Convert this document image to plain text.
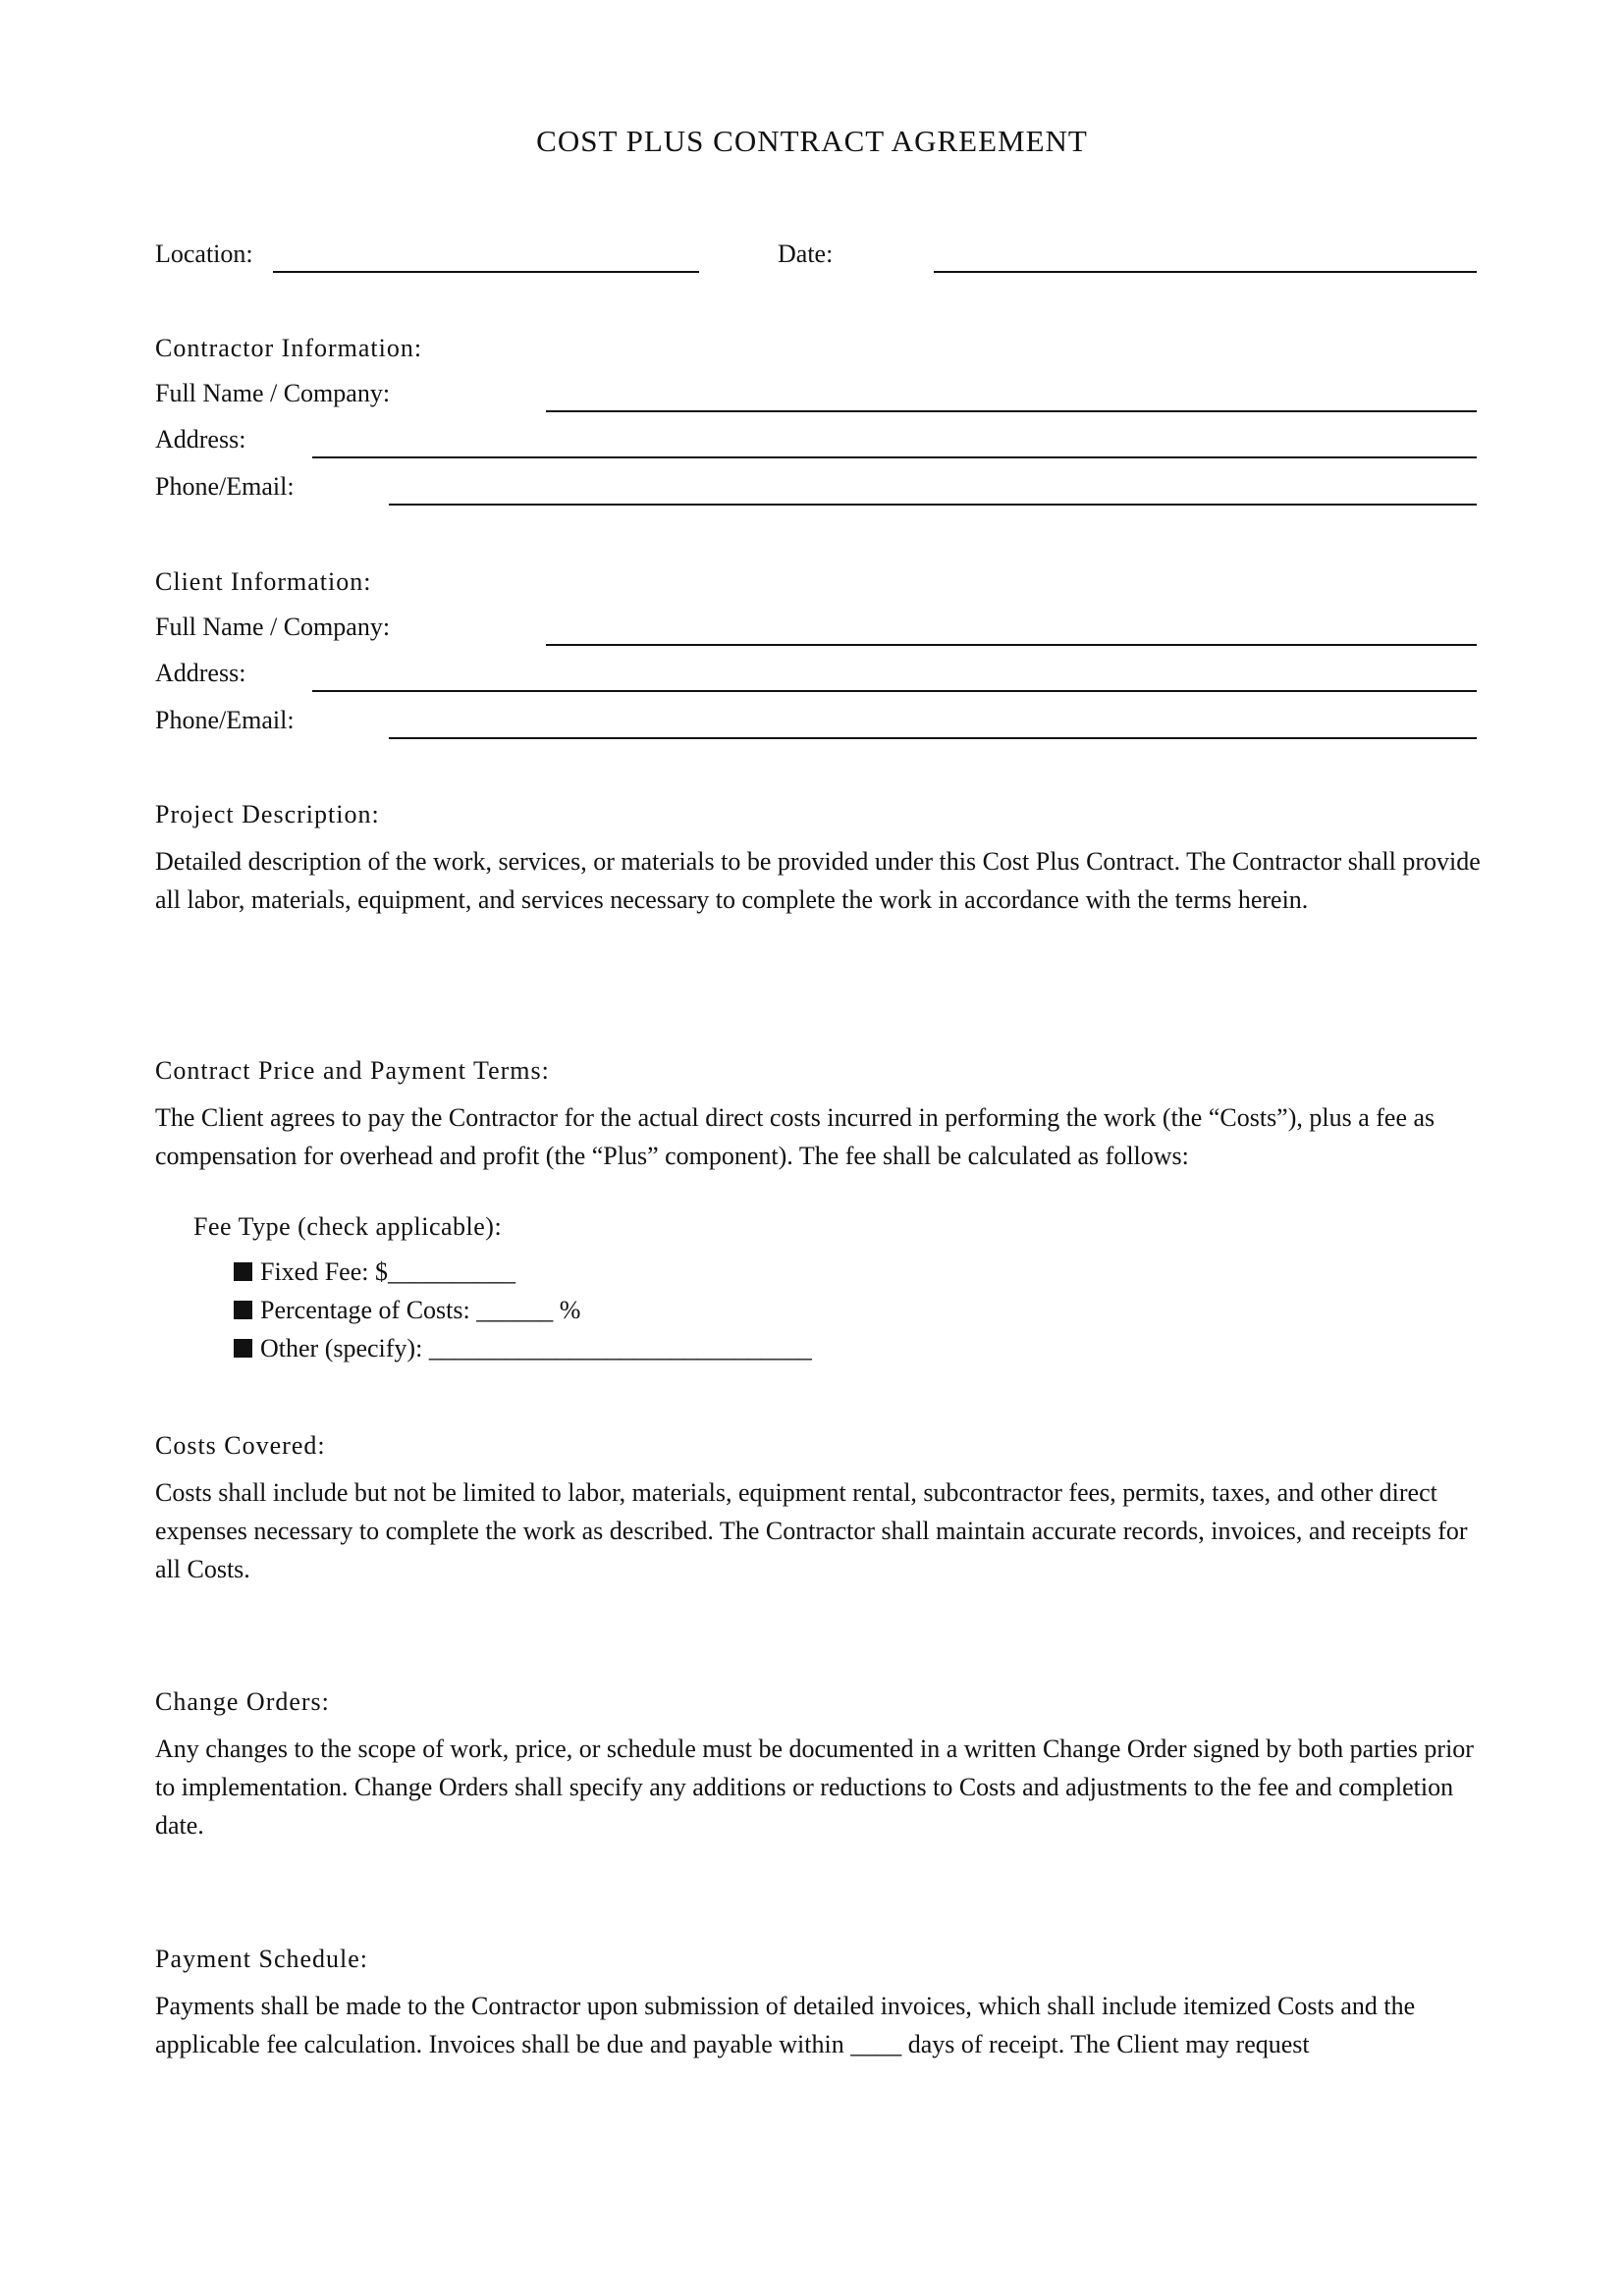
COST PLUS CONTRACT AGREEMENT
Location:	Date:
Contractor Information:
Full Name / Company:
Address:
Phone/Email:
Client Information:
Full Name / Company:
Address:
Phone/Email:
Project Description:
Detailed description of the work, services, or materials to be provided under this Cost Plus Contract. The Contractor shall provide all labor, materials, equipment, and services necessary to complete the work in accordance with the terms herein.
Contract Price and Payment Terms:
The Client agrees to pay the Contractor for the actual direct costs incurred in performing the work (the “Costs”), plus a fee as compensation for overhead and profit (the “Plus” component). The fee shall be calculated as follows:
Fee Type (check applicable):
Fixed Fee: $__________
Percentage of Costs: ______ %
Other (specify): ______________________________
Costs Covered:
Costs shall include but not be limited to labor, materials, equipment rental, subcontractor fees, permits, taxes, and other direct expenses necessary to complete the work as described. The Contractor shall maintain accurate records, invoices, and receipts for all Costs.
Change Orders:
Any changes to the scope of work, price, or schedule must be documented in a written Change Order signed by both parties prior to implementation. Change Orders shall specify any additions or reductions to Costs and adjustments to the fee and completion date.
Payment Schedule:
Payments shall be made to the Contractor upon submission of detailed invoices, which shall include itemized Costs and the applicable fee calculation. Invoices shall be due and payable within ____ days of receipt. The Client may request
